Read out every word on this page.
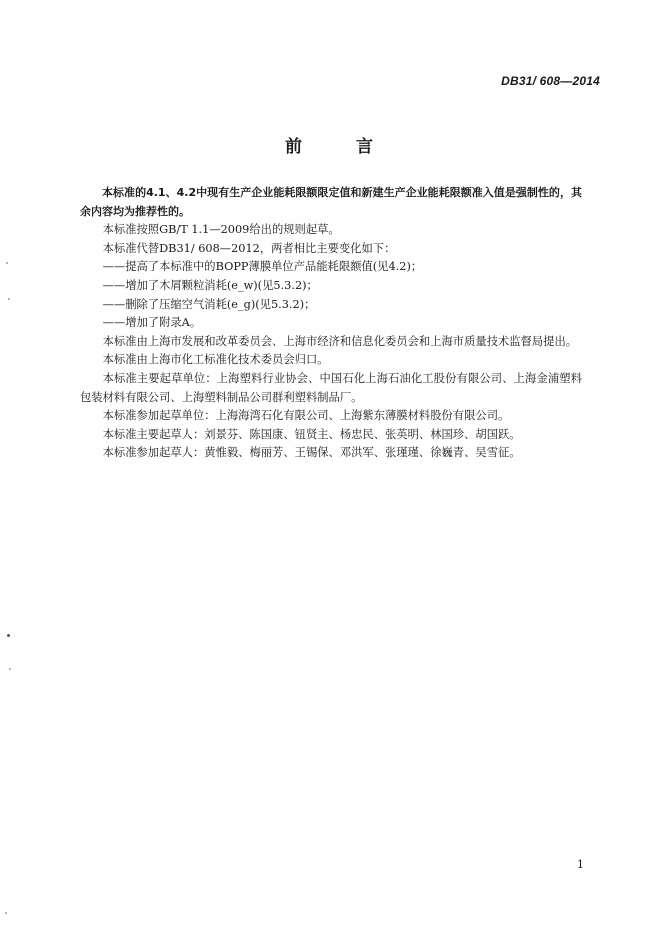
DB31/ 608—2014
前 言

本标准的4.1、4.2中现有生产企业能耗限额限定值和新建生产企业能耗限额准入值是强制性的，其余内容均为推荐性的。

本标准按照GB/T 1.1—2009给出的规则起草。

本标准代替DB31/ 608—2012，两者相比主要变化如下：

——提高了本标准中的BOPP薄膜单位产品能耗限额值(见4.2)；

——增加了木屑颗粒消耗(e_w)(见5.3.2)；

——删除了压缩空气消耗(e_g)(见5.3.2)；

——增加了附录A。

本标准由上海市发展和改革委员会、上海市经济和信息化委员会和上海市质量技术监督局提出。

本标准由上海市化工标准化技术委员会归口。

本标准主要起草单位：上海塑料行业协会、中国石化上海石油化工股份有限公司、上海金浦塑料包装材料有限公司、上海塑料制品公司群利塑料制品厂。

本标准参加起草单位：上海海湾石化有限公司、上海紫东薄膜材料股份有限公司。

本标准主要起草人：刘景芬、陈国康、钮贤主、杨忠民、张英明、林国珍、胡国跃。

本标准参加起草人：黄惟毅、梅丽芳、王锡保、邓洪军、张瑾瑾、徐巍青、吴雪征。

1
